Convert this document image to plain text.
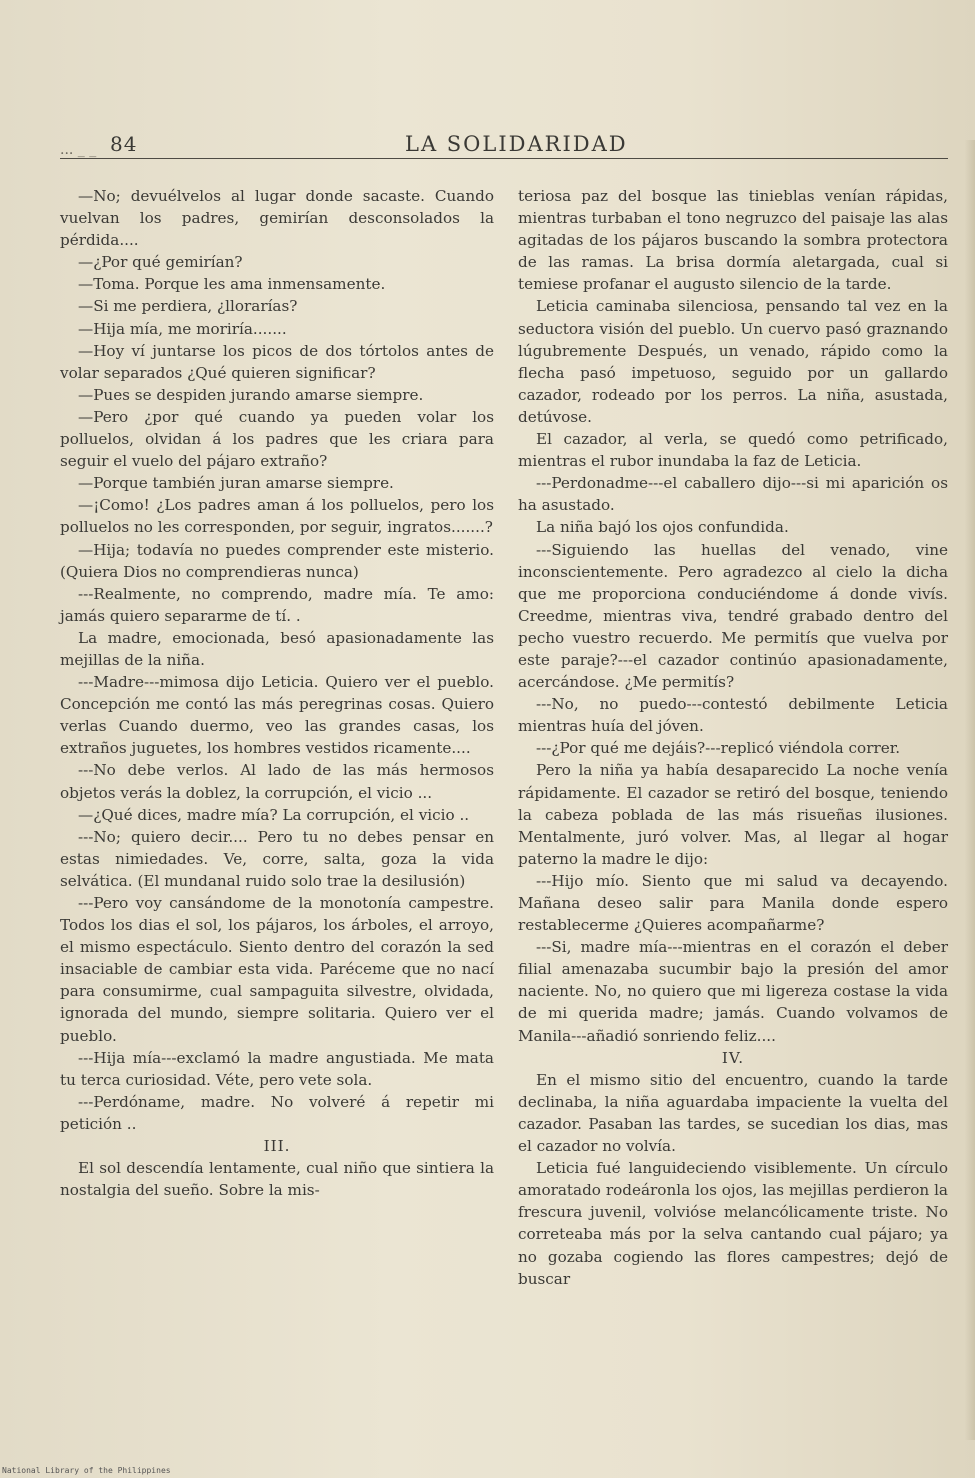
... _ _ 84	LA SOLIDARIDAD

—No; devuélvelos al lugar donde sacaste. Cuando vuelvan los padres, gemirían desconsolados la pérdida....

—¿Por qué gemirían?

—Toma. Porque les ama inmensamente.

—Si me perdiera, ¿llorarías?

—Hija mía, me moriría.......

—Hoy ví juntarse los picos de dos tórtolos antes de volar separados ¿Qué quieren significar?

—Pues se despiden jurando amarse siempre.

—Pero ¿por qué cuando ya pueden volar los polluelos, olvidan á los padres que les criara para seguir el vuelo del pájaro extraño?

—Porque también juran amarse siempre.

—¡Como! ¿Los padres aman á los polluelos, pero los polluelos no les corresponden, por seguir, ingratos.......?

—Hija; todavía no puedes comprender este misterio. (Quiera Dios no comprendieras nunca)

---Realmente, no comprendo, madre mía. Te amo: jamás quiero separarme de tí. .

La madre, emocionada, besó apasionadamente las mejillas de la niña.

---Madre---mimosa dijo Leticia. Quiero ver el pueblo. Concepción me contó las más peregrinas cosas. Quiero verlas Cuando duermo, veo las grandes casas, los extraños juguetes, los hombres vestidos ricamente....

---No debe verlos. Al lado de las más hermosos objetos verás la doblez, la corrupción, el vicio ...

—¿Qué dices, madre mía? La corrupción, el vicio ..

---No; quiero decir.... Pero tu no debes pensar en estas nimiedades. Ve, corre, salta, goza la vida selvática. (El mundanal ruido solo trae la desilusión)

---Pero voy cansándome de la monotonía campestre. Todos los dias el sol, los pájaros, los árboles, el arroyo, el mismo espectáculo. Siento dentro del corazón la sed insaciable de cambiar esta vida. Paréceme que no nací para consumirme, cual sampaguita silvestre, olvidada, ignorada del mundo, siempre solitaria. Quiero ver el pueblo.

---Hija mía---exclamó la madre angustiada. Me mata tu terca curiosidad. Véte, pero vete sola.

---Perdóname, madre. No volveré á repetir mi petición ..

III.

El sol descendía lentamente, cual niño que sintiera la nostalgia del sueño. Sobre la mis-

teriosa paz del bosque las tinieblas venían rápidas, mientras turbaban el tono negruzco del paisaje las alas agitadas de los pájaros buscando la sombra protectora de las ramas. La brisa dormía aletargada, cual si temiese profanar el augusto silencio de la tarde.

Leticia caminaba silenciosa, pensando tal vez en la seductora visión del pueblo. Un cuervo pasó graznando lúgubremente Después, un venado, rápido como la flecha pasó impetuoso, seguido por un gallardo cazador, rodeado por los perros. La niña, asustada, detúvose.

El cazador, al verla, se quedó como petrificado, mientras el rubor inundaba la faz de Leticia.

---Perdonadme---el caballero dijo---si mi aparición os ha asustado.

La niña bajó los ojos confundida.

---Siguiendo las huellas del venado, vine inconscientemente. Pero agradezco al cielo la dicha que me proporciona conduciéndome á donde vivís. Creedme, mientras viva, tendré grabado dentro del pecho vuestro recuerdo. Me permitís que vuelva por este paraje?---el cazador continúo apasionadamente, acercándose. ¿Me permitís?

---No, no puedo---contestó debilmente Leticia mientras huía del jóven.

---¿Por qué me dejáis?---replicó viéndola correr.

Pero la niña ya había desaparecido La noche venía rápidamente. El cazador se retiró del bosque, teniendo la cabeza poblada de las más risueñas ilusiones. Mentalmente, juró volver. Mas, al llegar al hogar paterno la madre le dijo:

---Hijo mío. Siento que mi salud va decayendo. Mañana deseo salir para Manila donde espero restablecerme ¿Quieres acompañarme?

---Si, madre mía---mientras en el corazón el deber filial amenazaba sucumbir bajo la presión del amor naciente. No, no quiero que mi ligereza costase la vida de mi querida madre; jamás. Cuando volvamos de Manila---añadió sonriendo feliz....

IV.

En el mismo sitio del encuentro, cuando la tarde declinaba, la niña aguardaba impaciente la vuelta del cazador. Pasaban las tardes, se sucedian los dias, mas el cazador no volvía.

Leticia fué languideciendo visiblemente. Un círculo amoratado rodeáronla los ojos, las mejillas perdieron la frescura juvenil, volvióse melancólicamente triste. No correteaba más por la selva cantando cual pájaro; ya no gozaba cogiendo las flores campestres; dejó de buscar

National Library of the Philippines
